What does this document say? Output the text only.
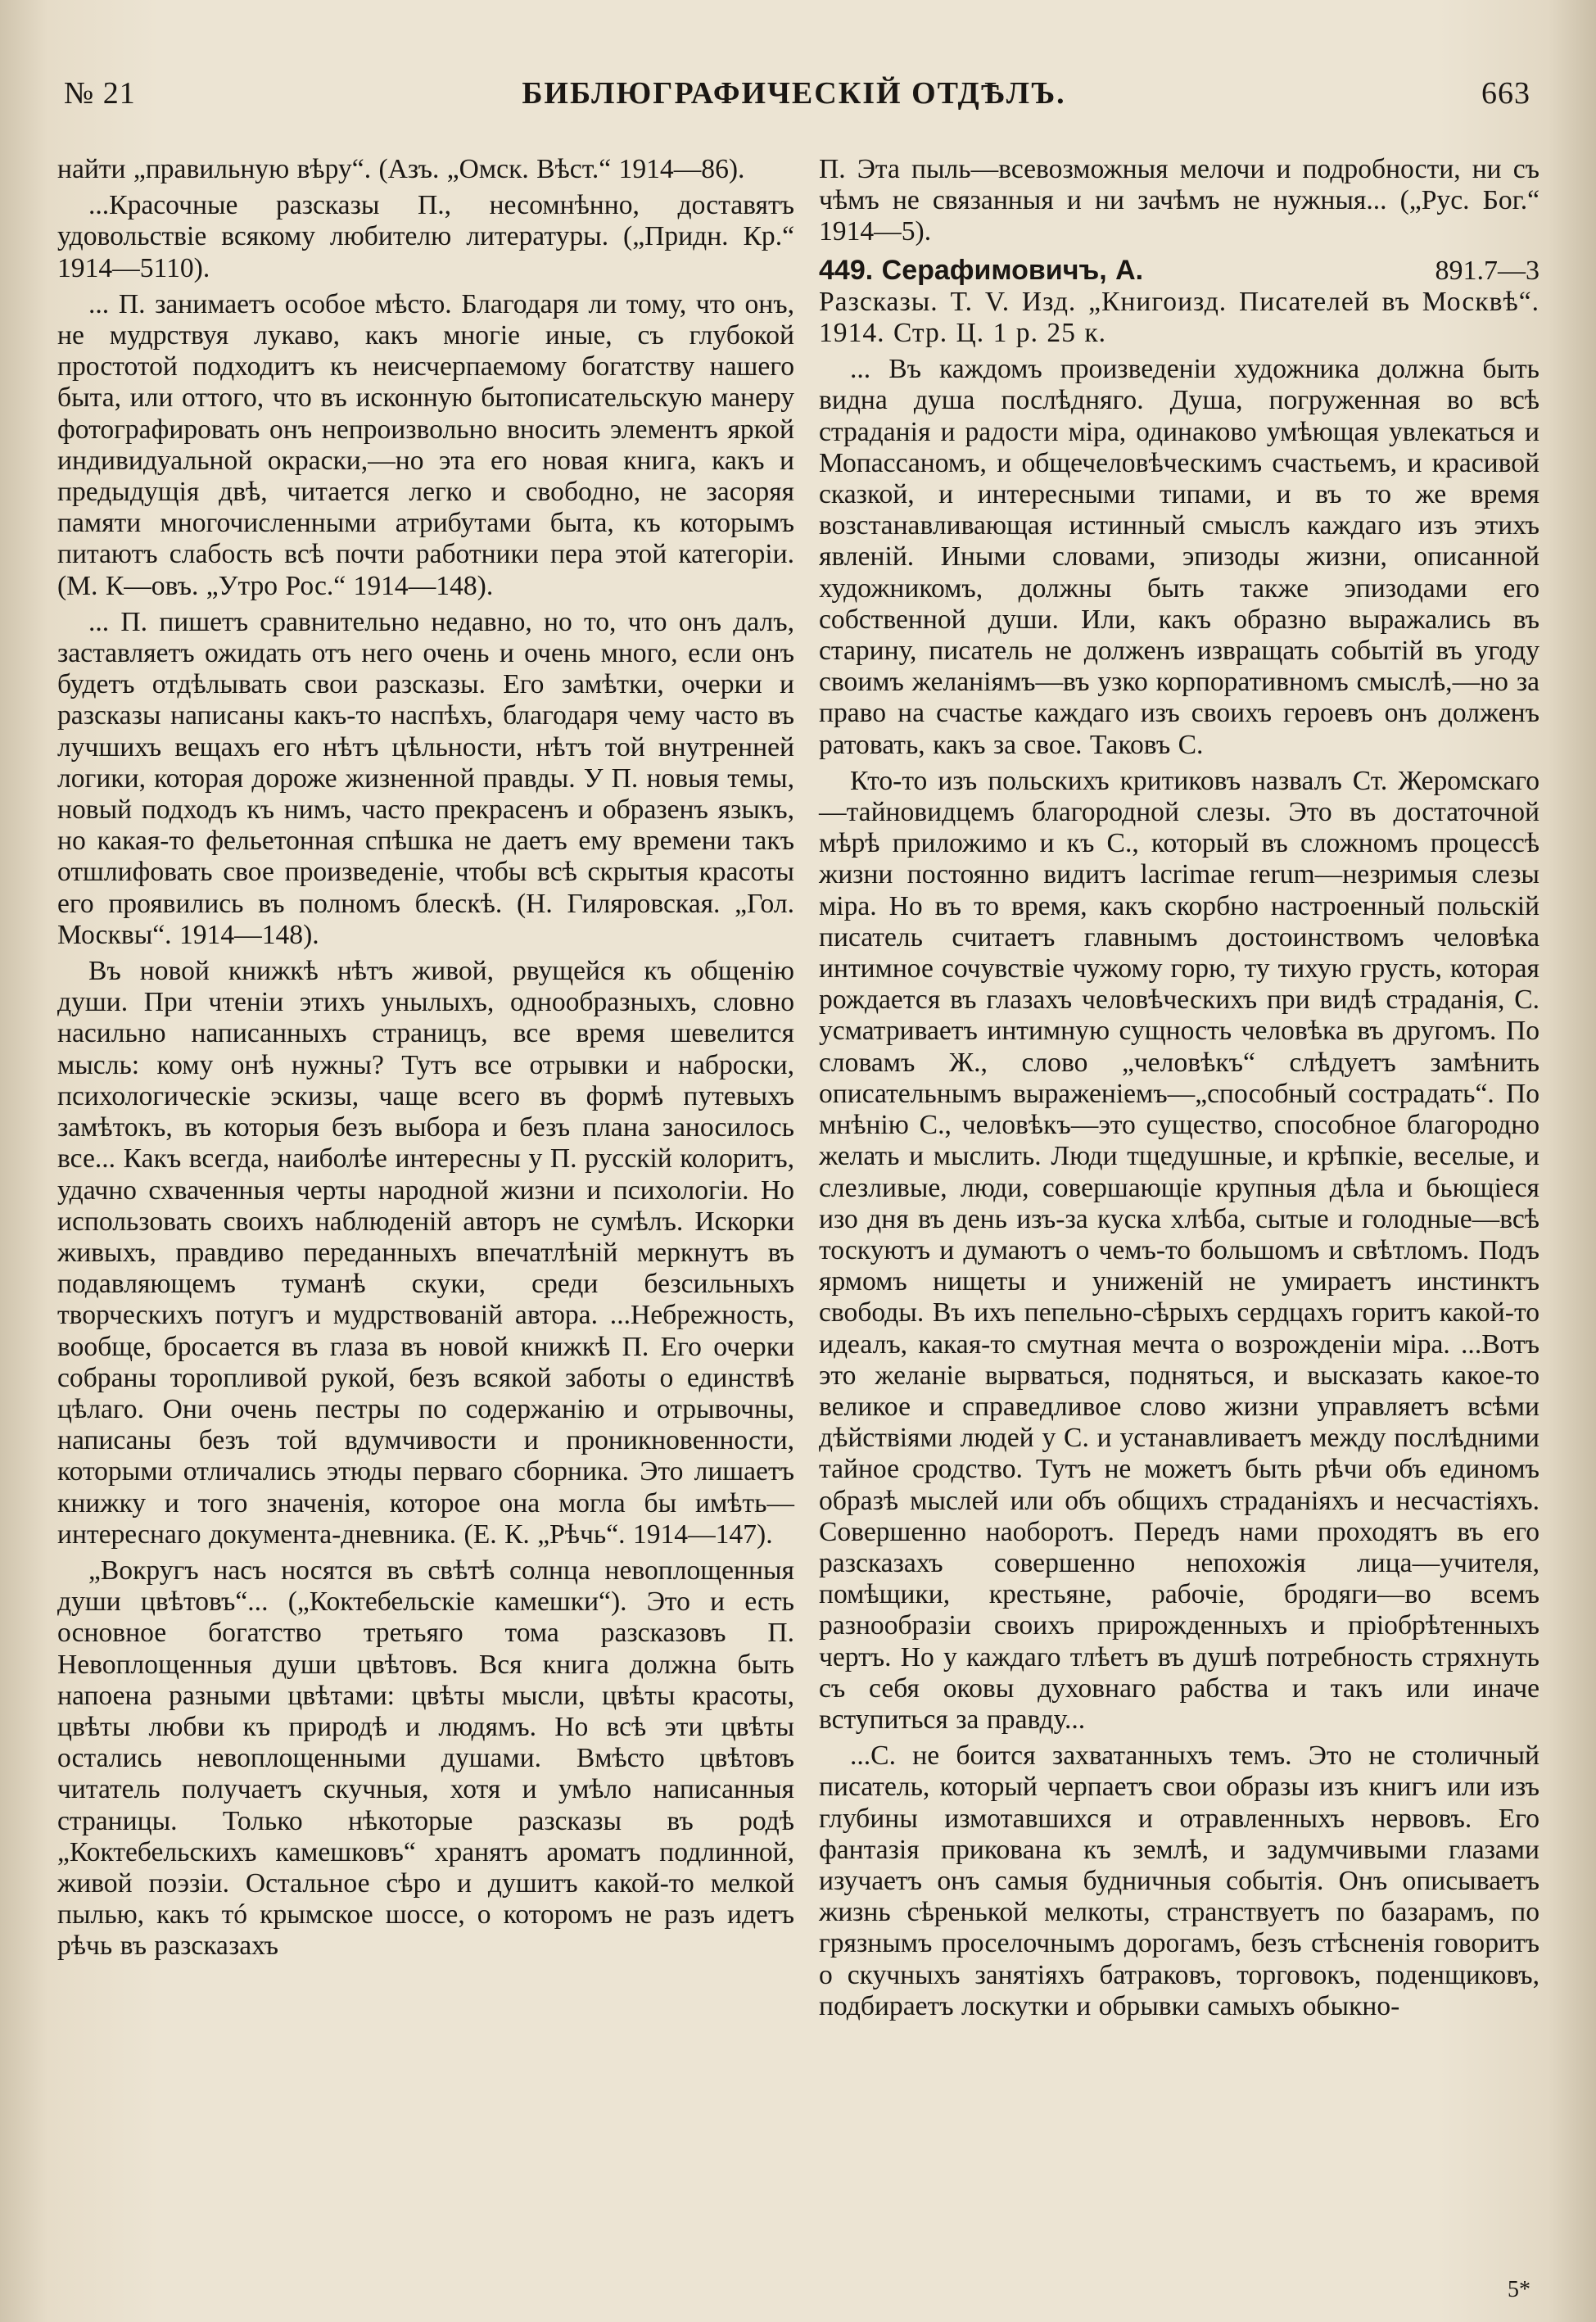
№ 21	БИБЛЮГРАФИЧЕСКІЙ ОТДѢЛЪ.	663

найти „правильную вѣру“. (Азъ. „Омск. Вѣст.“ 1914—86).

...Красочные разсказы П., несомнѣнно, доставятъ удовольствіе всякому любителю литературы. („Придн. Кр.“ 1914—5110).

... П. занимаетъ особое мѣсто. Благодаря ли тому, что онъ, не мудрствуя лукаво, какъ многіе иные, съ глубокой простотой подходитъ къ неисчерпаемому богатству нашего быта, или оттого, что въ исконную бытописательскую манеру фотографировать онъ непроизвольно вносить элементъ яркой индивидуальной окраски,—но эта его новая книга, какъ и предыдущія двѣ, читается легко и свободно, не засоряя памяти многочисленными атрибутами быта, къ которымъ питаютъ слабость всѣ почти работники пера этой категоріи. (М. К—овъ. „Утро Рос.“ 1914—148).

... П. пишетъ сравнительно недавно, но то, что онъ далъ, заставляетъ ожидать отъ него очень и очень много, если онъ будетъ отдѣлывать свои разсказы. Его замѣтки, очерки и разсказы написаны какъ-то наспѣхъ, благодаря чему часто въ лучшихъ вещахъ его нѣтъ цѣльности, нѣтъ той внутренней логики, которая дороже жизненной правды. У П. новыя темы, новый подходъ къ нимъ, часто прекрасенъ и образенъ языкъ, но какая-то фельетонная спѣшка не даетъ ему времени такъ отшлифовать свое произведеніе, чтобы всѣ скрытыя красоты его проявились въ полномъ блескѣ. (Н. Гиляровская. „Гол. Москвы“. 1914—148).

Въ новой книжкѣ нѣтъ живой, рвущейся къ общенію души. При чтеніи этихъ унылыхъ, однообразныхъ, словно насильно написанныхъ страницъ, все время шевелится мысль: кому онѣ нужны? Тутъ все отрывки и наброски, психологическіе эскизы, чаще всего въ формѣ путевыхъ замѣтокъ, въ которыя безъ выбора и безъ плана заносилось все... Какъ всегда, наиболѣе интересны у П. русскій колоритъ, удачно схваченныя черты народной жизни и психологіи. Но использовать своихъ наблюденій авторъ не сумѣлъ. Искорки живыхъ, правдиво переданныхъ впечатлѣній меркнутъ въ подавляющемъ туманѣ скуки, среди безсильныхъ творческихъ потугъ и мудрствованій автора. ...Небрежность, вообще, бросается въ глаза въ новой книжкѣ П. Его очерки собраны торопливой рукой, безъ всякой заботы о единствѣ цѣлаго. Они очень пестры по содержанію и отрывочны, написаны безъ той вдумчивости и проникновенности, которыми отличались этюды перваго сборника. Это лишаетъ книжку и того значенія, которое она могла бы имѣть—интереснаго документа-дневника. (Е. К. „Рѣчь“. 1914—147).

„Вокругъ насъ носятся въ свѣтѣ солнца невоплощенныя души цвѣтовъ“... („Коктебельскіе камешки“). Это и есть основное богатство третьяго тома разсказовъ П. Невоплощенныя души цвѣтовъ. Вся книга должна быть напоена разными цвѣтами: цвѣты мысли, цвѣты красоты, цвѣты любви къ природѣ и людямъ. Но всѣ эти цвѣты остались невоплощенными душами. Вмѣсто цвѣтовъ читатель получаетъ скучныя, хотя и умѣло написанныя страницы. Только нѣкоторые разсказы въ родѣ „Коктебельскихъ камешковъ“ хранятъ ароматъ подлинной, живой поэзіи. Остальное сѣро и душитъ какой-то мелкой пылью, какъ тó крымское шоссе, о которомъ не разъ идетъ рѣчь въ разсказахъ

П. Эта пыль—всевозможныя мелочи и подробности, ни съ чѣмъ не связанныя и ни зачѣмъ не нужныя... („Рус. Бог.“ 1914—5).

449. Серафимовичъ, А.	891.7—3

Разсказы. Т. V. Изд. „Книгоизд. Писателей въ Москвѣ“. 1914. Стр. Ц. 1 р. 25 к.

... Въ каждомъ произведеніи художника должна быть видна душа послѣдняго. Душа, погруженная во всѣ страданія и радости міра, одинаково умѣющая увлекаться и Мопассаномъ, и общечеловѣческимъ счастьемъ, и красивой сказкой, и интересными типами, и въ то же время возстанавливающая истинный смыслъ каждаго изъ этихъ явленій. Иными словами, эпизоды жизни, описанной художникомъ, должны быть также эпизодами его собственной души. Или, какъ образно выражались въ старину, писатель не долженъ извращать событій въ угоду своимъ желаніямъ—въ узко корпоративномъ смыслѣ,—но за право на счастье каждаго изъ своихъ героевъ онъ долженъ ратовать, какъ за свое. Таковъ С.

Кто-то изъ польскихъ критиковъ назвалъ Ст. Жеромскаго—тайновидцемъ благородной слезы. Это въ достаточной мѣрѣ приложимо и къ С., который въ сложномъ процессѣ жизни постоянно видитъ lacrimae rerum—незримыя слезы міра. Но въ то время, какъ скорбно настроенный польскій писатель считаетъ главнымъ достоинствомъ человѣка интимное сочувствіе чужому горю, ту тихую грусть, которая рождается въ глазахъ человѣческихъ при видѣ страданія, С. усматриваетъ интимную сущность человѣка въ другомъ. По словамъ Ж., слово „человѣкъ“ слѣдуетъ замѣнить описательнымъ выраженіемъ—„способный сострадать“. По мнѣнію С., человѣкъ—это существо, способное благородно желать и мыслить. Люди тщедушные, и крѣпкіе, веселые, и слезливые, люди, совершающіе крупныя дѣла и бьющіеся изо дня въ день изъ-за куска хлѣба, сытые и голодные—всѣ тоскуютъ и думаютъ о чемъ-то большомъ и свѣтломъ. Подъ ярмомъ нищеты и униженій не умираетъ инстинктъ свободы. Въ ихъ пепельно-сѣрыхъ сердцахъ горитъ какой-то идеалъ, какая-то смутная мечта о возрожденіи міра. ...Вотъ это желаніе вырваться, подняться, и высказать какое-то великое и справедливое слово жизни управляетъ всѣми дѣйствіями людей у С. и устанавливаетъ между послѣдними тайное сродство. Тутъ не можетъ быть рѣчи объ единомъ образѣ мыслей или объ общихъ страданіяхъ и несчастіяхъ. Совершенно наоборотъ. Передъ нами проходятъ въ его разсказахъ совершенно непохожія лица—учителя, помѣщики, крестьяне, рабочіе, бродяги—во всемъ разнообразіи своихъ прирожденныхъ и пріобрѣтенныхъ чертъ. Но у каждаго тлѣетъ въ душѣ потребность стряхнуть съ себя оковы духовнаго рабства и такъ или иначе вступиться за правду...

...С. не боится захватанныхъ темъ. Это не столичный писатель, который черпаетъ свои образы изъ книгъ или изъ глубины измотавшихся и отравленныхъ нервовъ. Его фантазія прикована къ землѣ, и задумчивыми глазами изучаетъ онъ самыя будничныя событія. Онъ описываетъ жизнь сѣренькой мелкоты, странствуетъ по базарамъ, по грязнымъ проселочнымъ дорогамъ, безъ стѣсненія говоритъ о скучныхъ занятіяхъ батраковъ, торговокъ, поденщиковъ, подбираетъ лоскутки и обрывки самыхъ обыкно-

5*
